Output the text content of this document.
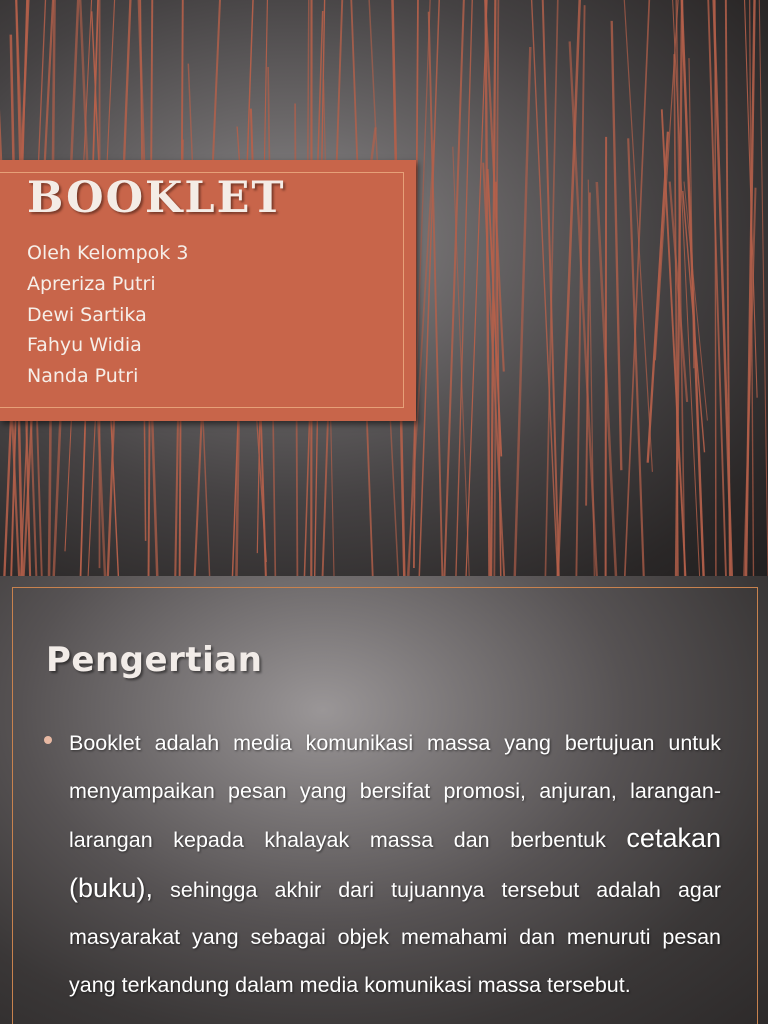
BOOKLET
Oleh Kelompok 3
Apreriza Putri
Dewi Sartika
Fahyu Widia
Nanda Putri
Pengertian

Booklet adalah media komunikasi massa yang bertujuan untuk menyampaikan pesan yang bersifat promosi, anjuran, larangan-larangan kepada khalayak massa dan berbentuk cetakan (buku), sehingga akhir dari tujuannya tersebut adalah agar masyarakat yang sebagai objek memahami dan menuruti pesan yang terkandung dalam media komunikasi massa tersebut.
